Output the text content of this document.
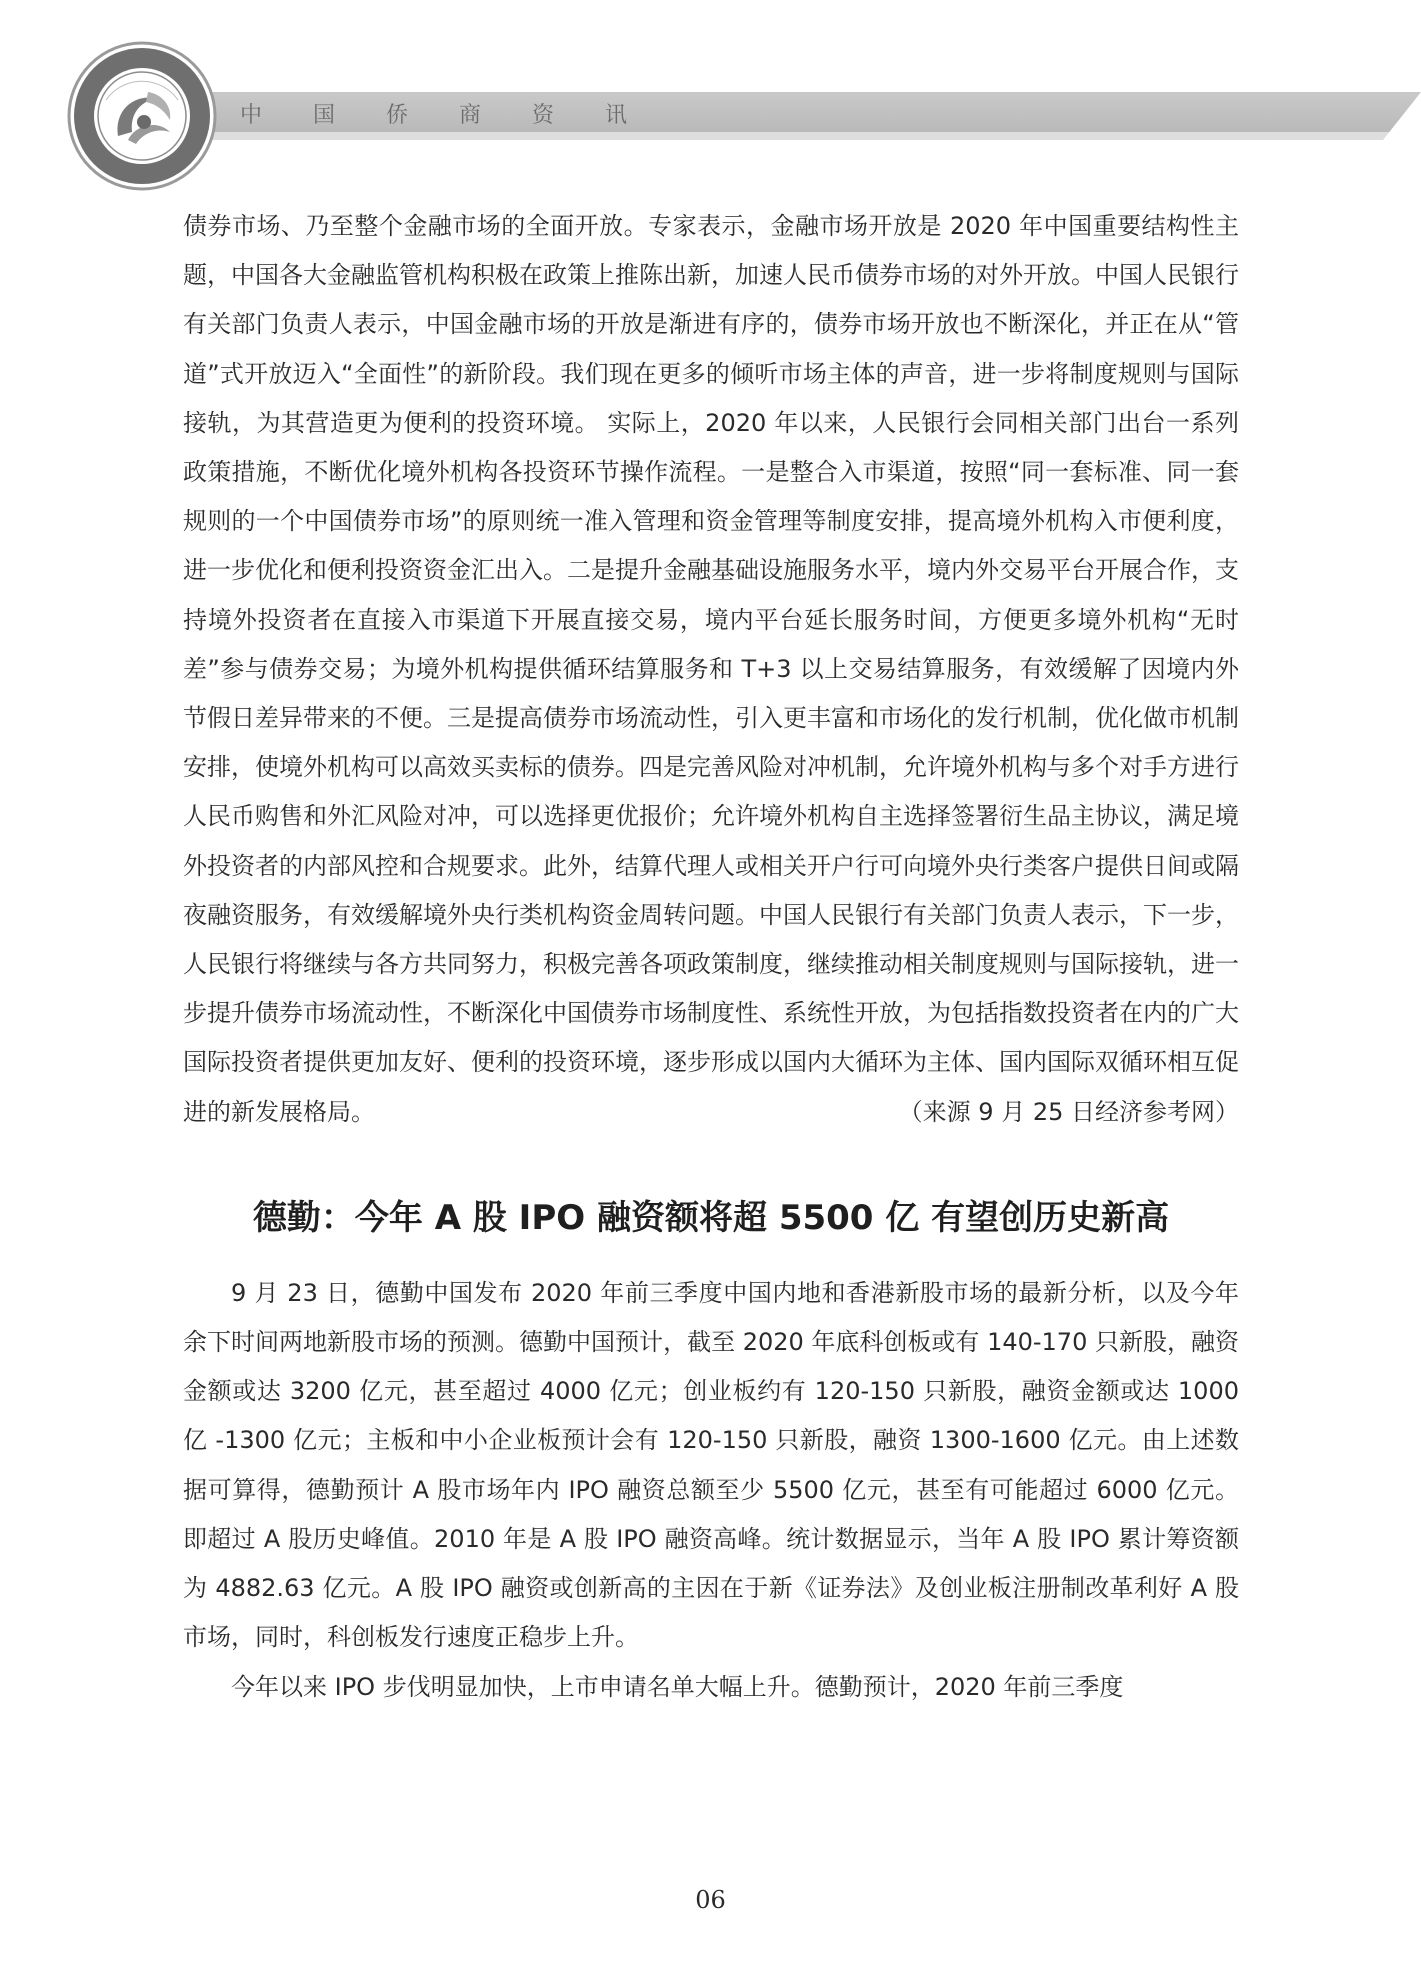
中 国 侨 商 资 讯

债券市场、乃至整个金融市场的全面开放。专家表示，金融市场开放是 2020 年中国重要结构性主题，中国各大金融监管机构积极在政策上推陈出新，加速人民币债券市场的对外开放。中国人民银行有关部门负责人表示，中国金融市场的开放是渐进有序的，债券市场开放也不断深化，并正在从“管道”式开放迈入“全面性”的新阶段。我们现在更多的倾听市场主体的声音，进一步将制度规则与国际接轨，为其营造更为便利的投资环境。 实际上，2020 年以来，人民银行会同相关部门出台一系列政策措施，不断优化境外机构各投资环节操作流程。一是整合入市渠道，按照“同一套标准、同一套规则的一个中国债券市场”的原则统一准入管理和资金管理等制度安排，提高境外机构入市便利度，进一步优化和便利投资资金汇出入。二是提升金融基础设施服务水平，境内外交易平台开展合作，支持境外投资者在直接入市渠道下开展直接交易，境内平台延长服务时间，方便更多境外机构“无时差”参与债券交易；为境外机构提供循环结算服务和 T+3 以上交易结算服务，有效缓解了因境内外节假日差异带来的不便。三是提高债券市场流动性，引入更丰富和市场化的发行机制，优化做市机制安排，使境外机构可以高效买卖标的债券。四是完善风险对冲机制，允许境外机构与多个对手方进行人民币购售和外汇风险对冲，可以选择更优报价；允许境外机构自主选择签署衍生品主协议，满足境外投资者的内部风控和合规要求。此外，结算代理人或相关开户行可向境外央行类客户提供日间或隔夜融资服务，有效缓解境外央行类机构资金周转问题。中国人民银行有关部门负责人表示，下一步，人民银行将继续与各方共同努力，积极完善各项政策制度，继续推动相关制度规则与国际接轨，进一步提升债券市场流动性，不断深化中国债券市场制度性、系统性开放，为包括指数投资者在内的广大国际投资者提供更加友好、便利的投资环境，逐步形成以国内大循环为主体、国内国际双循环相互促进的新发展格局。	（来源 9 月 25 日经济参考网）
德勤：今年 A 股 IPO 融资额将超 5500 亿 有望创历史新高

9 月 23 日，德勤中国发布 2020 年前三季度中国内地和香港新股市场的最新分析，以及今年余下时间两地新股市场的预测。德勤中国预计，截至 2020 年底科创板或有 140-170 只新股，融资金额或达 3200 亿元，甚至超过 4000 亿元；创业板约有 120-150 只新股，融资金额或达 1000 亿 -1300 亿元；主板和中小企业板预计会有 120-150 只新股，融资 1300-1600 亿元。由上述数据可算得，德勤预计 A 股市场年内 IPO 融资总额至少 5500 亿元，甚至有可能超过 6000 亿元。即超过 A 股历史峰值。2010 年是 A 股 IPO 融资高峰。统计数据显示，当年 A 股 IPO 累计筹资额为 4882.63 亿元。A 股 IPO 融资或创新高的主因在于新《证券法》及创业板注册制改革利好 A 股市场，同时，科创板发行速度正稳步上升。

今年以来 IPO 步伐明显加快，上市申请名单大幅上升。德勤预计，2020 年前三季度

06
